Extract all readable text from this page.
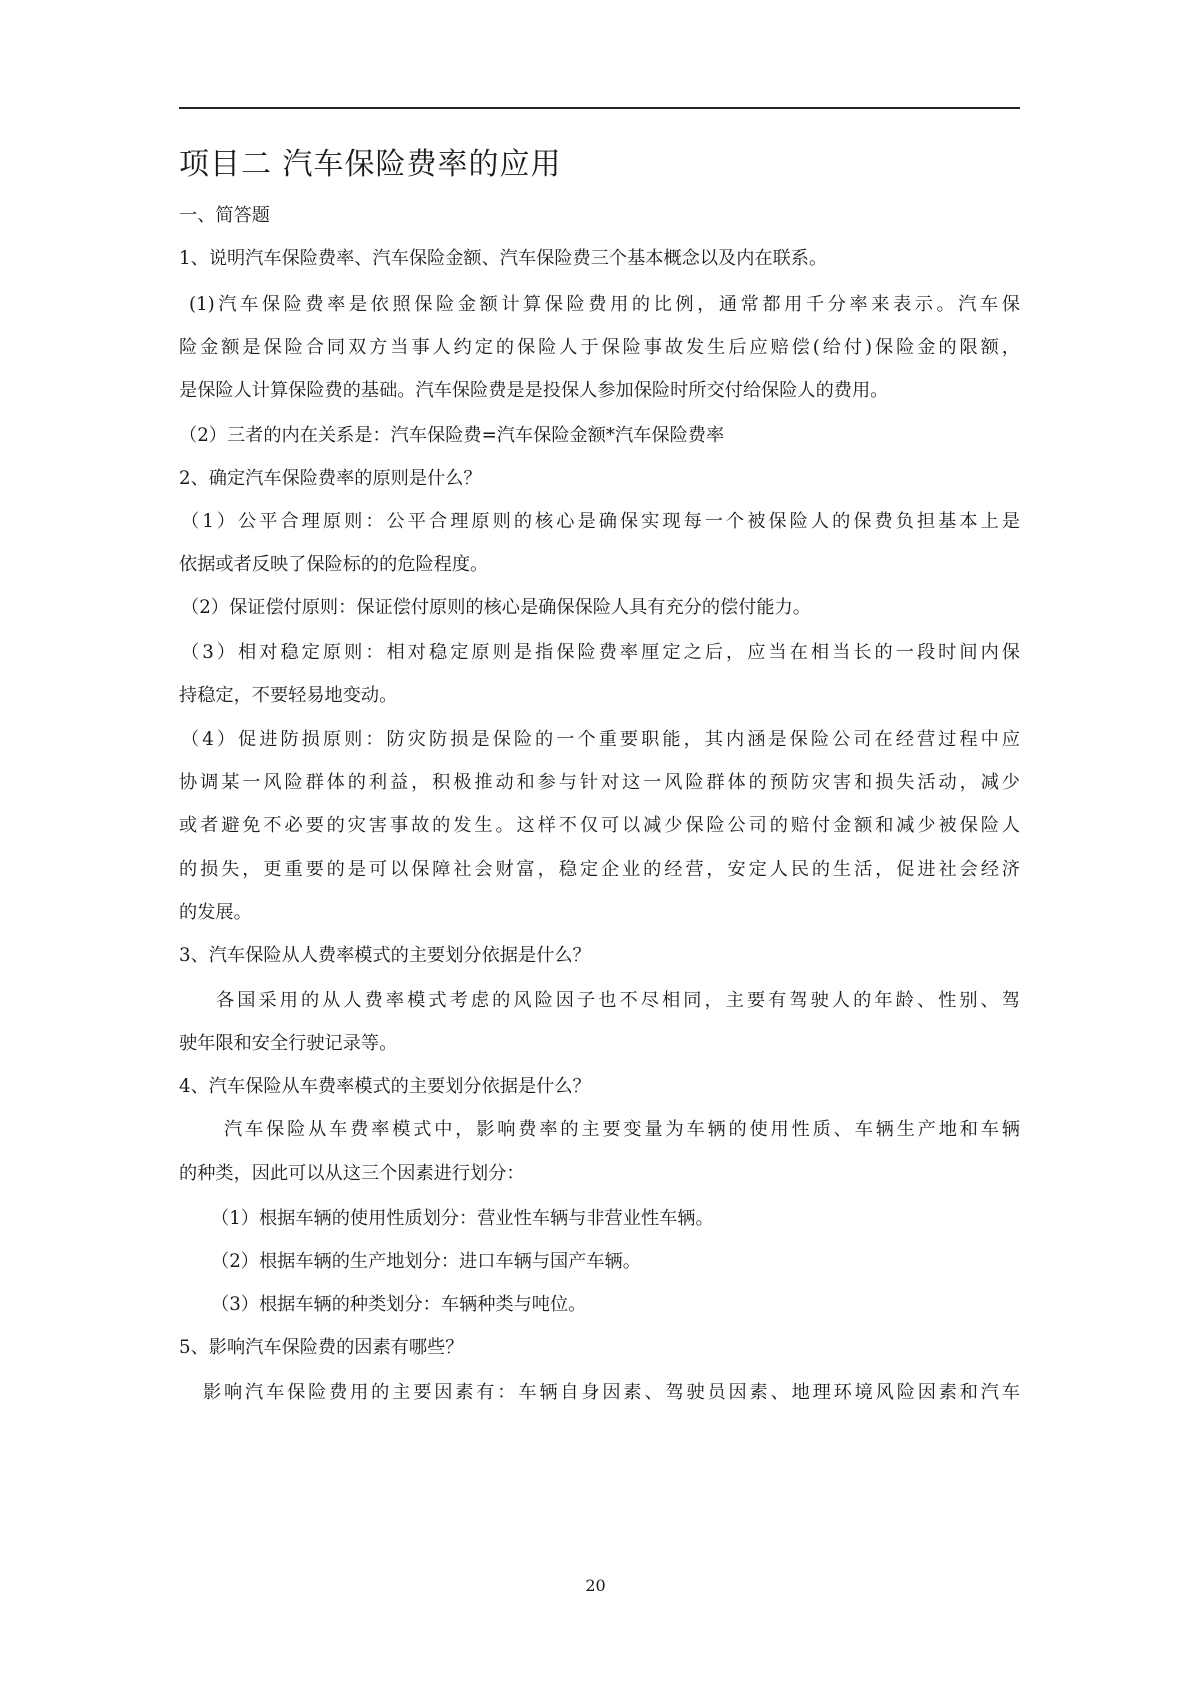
项目二 汽车保险费率的应用

一、简答题

1、说明汽车保险费率、汽车保险金额、汽车保险费三个基本概念以及内在联系。

(1)汽车保险费率是依照保险金额计算保险费用的比例，通常都用千分率来表示。汽车保

险金额是保险合同双方当事人约定的保险人于保险事故发生后应赔偿(给付)保险金的限额，

是保险人计算保险费的基础。汽车保险费是是投保人参加保险时所交付给保险人的费用。

（2）三者的内在关系是：汽车保险费=汽车保险金额*汽车保险费率

2、确定汽车保险费率的原则是什么？

（1）公平合理原则：公平合理原则的核心是确保实现每一个被保险人的保费负担基本上是

依据或者反映了保险标的的危险程度。

（2）保证偿付原则：保证偿付原则的核心是确保保险人具有充分的偿付能力。

（3）相对稳定原则：相对稳定原则是指保险费率厘定之后，应当在相当长的一段时间内保

持稳定，不要轻易地变动。

（4）促进防损原则：防灾防损是保险的一个重要职能，其内涵是保险公司在经营过程中应

协调某一风险群体的利益，积极推动和参与针对这一风险群体的预防灾害和损失活动，减少

或者避免不必要的灾害事故的发生。这样不仅可以减少保险公司的赔付金额和减少被保险人

的损失，更重要的是可以保障社会财富，稳定企业的经营，安定人民的生活，促进社会经济

的发展。

3、汽车保险从人费率模式的主要划分依据是什么？

各国采用的从人费率模式考虑的风险因子也不尽相同，主要有驾驶人的年龄、性别、驾

驶年限和安全行驶记录等。

4、汽车保险从车费率模式的主要划分依据是什么？

汽车保险从车费率模式中，影响费率的主要变量为车辆的使用性质、车辆生产地和车辆

的种类，因此可以从这三个因素进行划分：

（1）根据车辆的使用性质划分：营业性车辆与非营业性车辆。

（2）根据车辆的生产地划分：进口车辆与国产车辆。

（3）根据车辆的种类划分：车辆种类与吨位。

5、影响汽车保险费的因素有哪些？

影响汽车保险费用的主要因素有：车辆自身因素、驾驶员因素、地理环境风险因素和汽车

20
